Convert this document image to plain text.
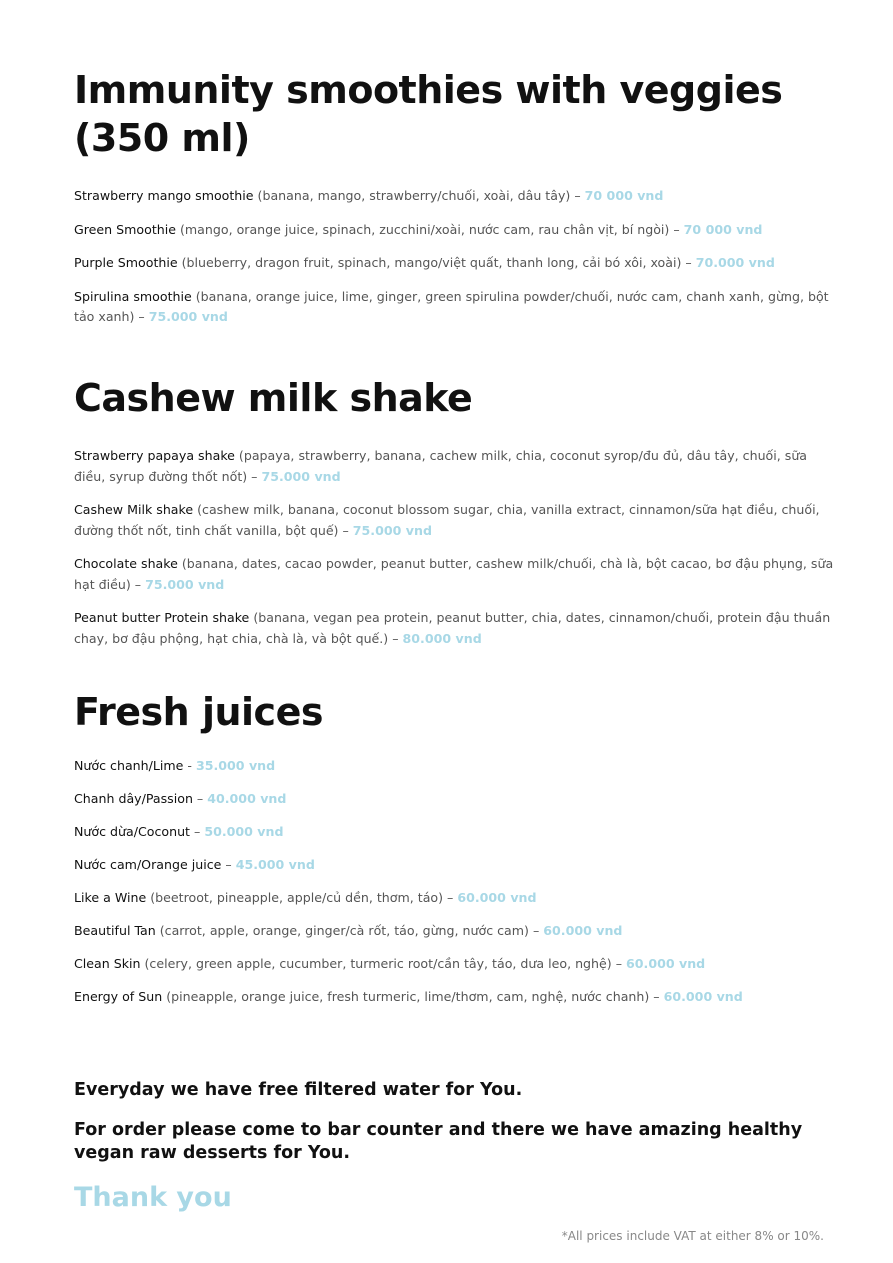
Immunity smoothies with veggies
(350 ml)

Strawberry mango smoothie (banana, mango, strawberry/chuối, xoài, dâu tây) – 70 000 vnd

Green Smoothie (mango, orange juice, spinach, zucchini/xoài, nước cam, rau chân vịt, bí ngòi) – 70 000 vnd

Purple Smoothie (blueberry, dragon fruit, spinach, mango/việt quất, thanh long, cải bó xôi, xoài) – 70.000 vnd

Spirulina smoothie (banana, orange juice, lime, ginger, green spirulina powder/chuối, nước cam, chanh xanh, gừng, bột tảo xanh) – 75.000 vnd

Cashew milk shake

Strawberry papaya shake (papaya, strawberry, banana, cachew milk, chia, coconut syrop/đu đủ, dâu tây, chuối, sữa điều, syrup đường thốt nốt) – 75.000 vnd

Cashew Milk shake (cashew milk, banana, coconut blossom sugar, chia, vanilla extract, cinnamon/sữa hạt điều, chuối, đường thốt nốt, tinh chất vanilla, bột quế) – 75.000 vnd

Chocolate shake (banana, dates, cacao powder, peanut butter, cashew milk/chuối, chà là, bột cacao, bơ đậu phụng, sữa hạt điều) – 75.000 vnd

Peanut butter Protein shake (banana, vegan pea protein, peanut butter, chia, dates, cinnamon/chuối, protein đậu thuần chay, bơ đậu phộng, hạt chia, chà là, và bột quế.) – 80.000 vnd

Fresh juices

Nước chanh/Lime - 35.000 vnd

Chanh dây/Passion – 40.000 vnd

Nước dừa/Coconut – 50.000 vnd

Nước cam/Orange juice – 45.000 vnd

Like a Wine (beetroot, pineapple, apple/củ dền, thơm, táo) – 60.000 vnd

Beautiful Tan (carrot, apple, orange, ginger/cà rốt, táo, gừng, nước cam) – 60.000 vnd

Clean Skin (celery, green apple, cucumber, turmeric root/cần tây, táo, dưa leo, nghệ) – 60.000 vnd

Energy of Sun (pineapple, orange juice, fresh turmeric, lime/thơm, cam, nghệ, nước chanh) – 60.000 vnd

Everyday we have free filtered water for You.

For order please come to bar counter and there we have amazing healthy vegan raw desserts for You.

Thank you
*All prices include VAT at either 8% or 10%.
